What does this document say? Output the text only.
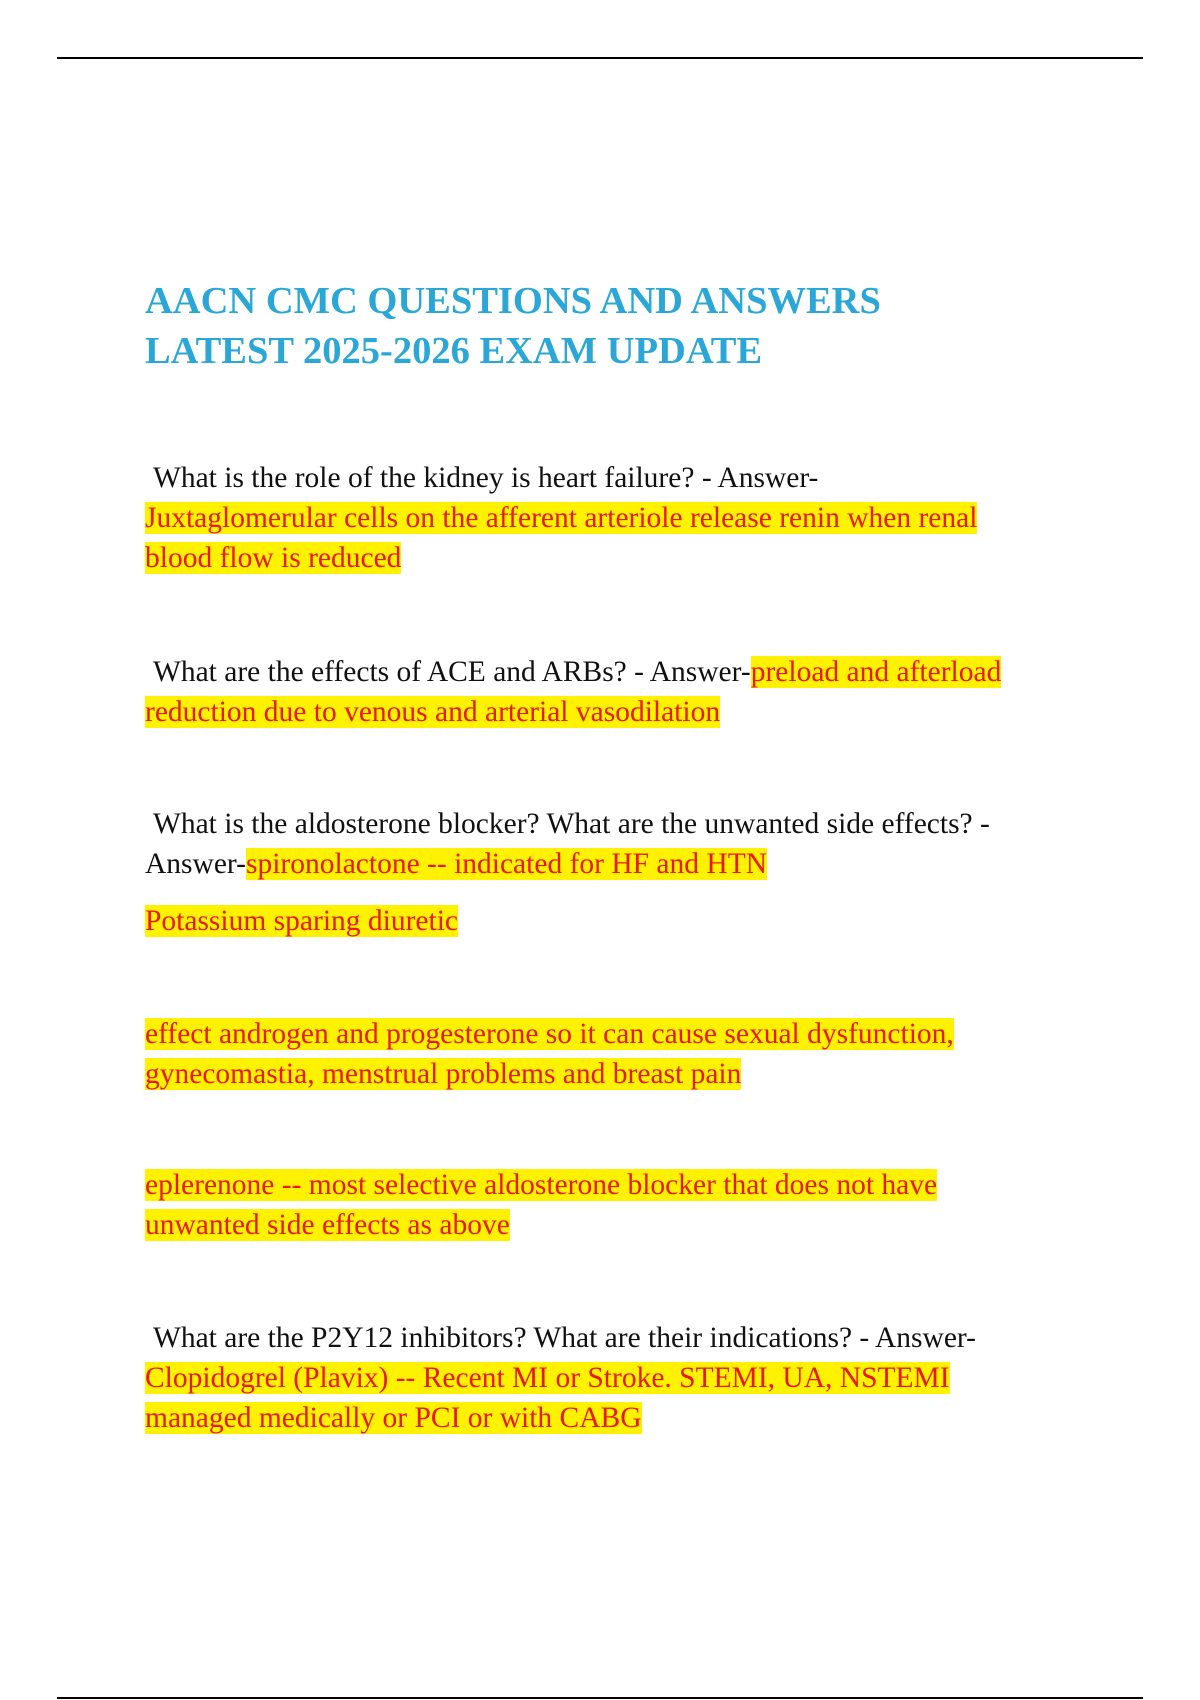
AACN CMC QUESTIONS AND ANSWERS
LATEST 2025-2026 EXAM UPDATE
What is the role of the kidney is heart failure? - Answer-
Juxtaglomerular cells on the afferent arteriole release renin when renal
blood flow is reduced
What are the effects of ACE and ARBs? - Answer-preload and afterload
reduction due to venous and arterial vasodilation
What is the aldosterone blocker? What are the unwanted side effects? -
Answer-spironolactone -- indicated for HF and HTN
Potassium sparing diuretic
effect androgen and progesterone so it can cause sexual dysfunction,
gynecomastia, menstrual problems and breast pain
eplerenone -- most selective aldosterone blocker that does not have
unwanted side effects as above
What are the P2Y12 inhibitors? What are their indications? - Answer-
Clopidogrel (Plavix) -- Recent MI or Stroke. STEMI, UA, NSTEMI
managed medically or PCI or with CABG
